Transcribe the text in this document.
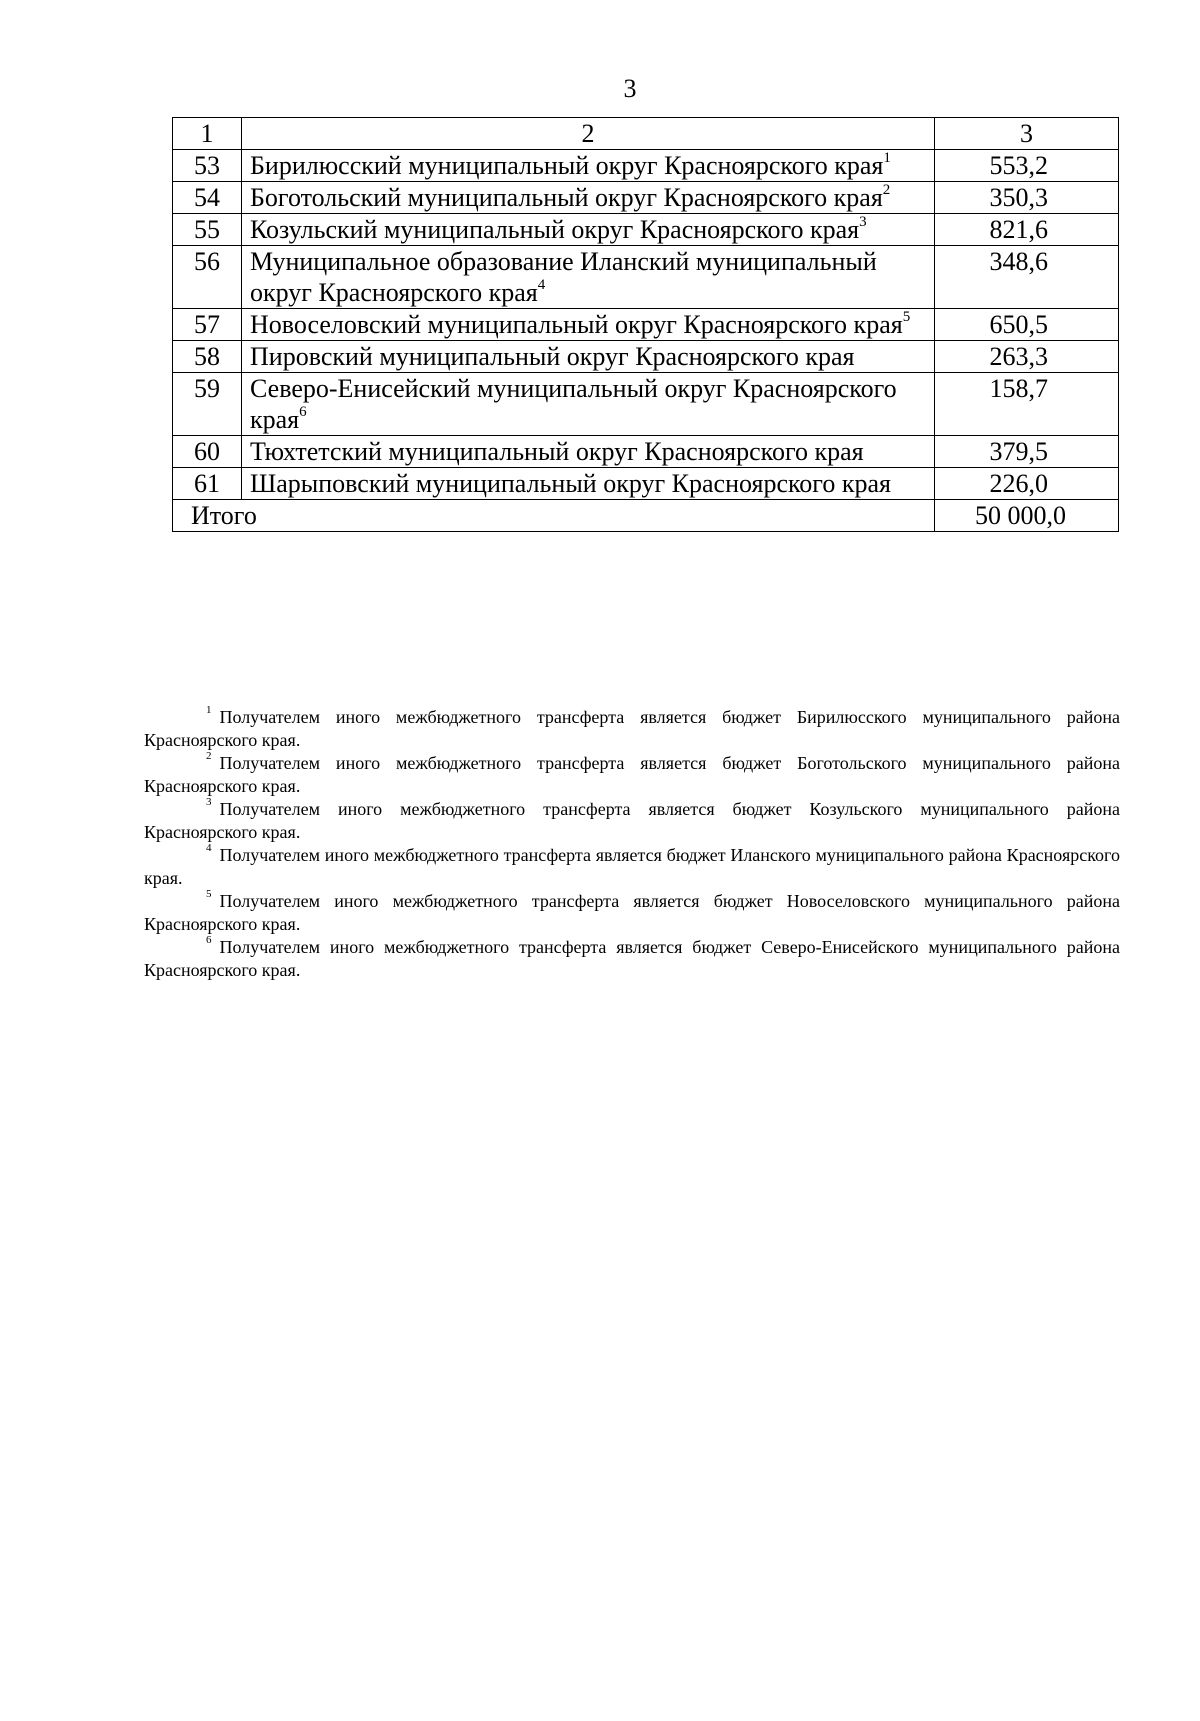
3
1	2	3
53	Бирилюсский муниципальный округ Красноярского края$^1$	553,2
54	Боготольский муниципальный округ Красноярского края$^2$	350,3
55	Козульский муниципальный округ Красноярского края$^3$	821,6
56	Муниципальное образование Иланский муниципальный округ Красноярского края$^4$	348,6
57	Новоселовский муниципальный округ Красноярского края$^5$	650,5
58	Пировский муниципальный округ Красноярского края	263,3
59	Северо-Енисейский муниципальный округ Красноярского края$^6$	158,7
60	Тюхтетский муниципальный округ Красноярского края	379,5
61	Шарыповский муниципальный округ Красноярского края	226,0
Итого		50 000,0

$^1$ Получателем иного межбюджетного трансферта является бюджет Бирилюсского муниципального района Красноярского края.

$^2$ Получателем иного межбюджетного трансферта является бюджет Боготольского муниципального района Красноярского края.

$^3$ Получателем иного межбюджетного трансферта является бюджет Козульского муниципального района Красноярского края.

$^4$ Получателем иного межбюджетного трансферта является бюджет Иланского муниципального района Красноярского края.

$^5$ Получателем иного межбюджетного трансферта является бюджет Новоселовского муниципального района Красноярского края.

$^6$ Получателем иного межбюджетного трансферта является бюджет Северо-Енисейского муниципального района Красноярского края.
